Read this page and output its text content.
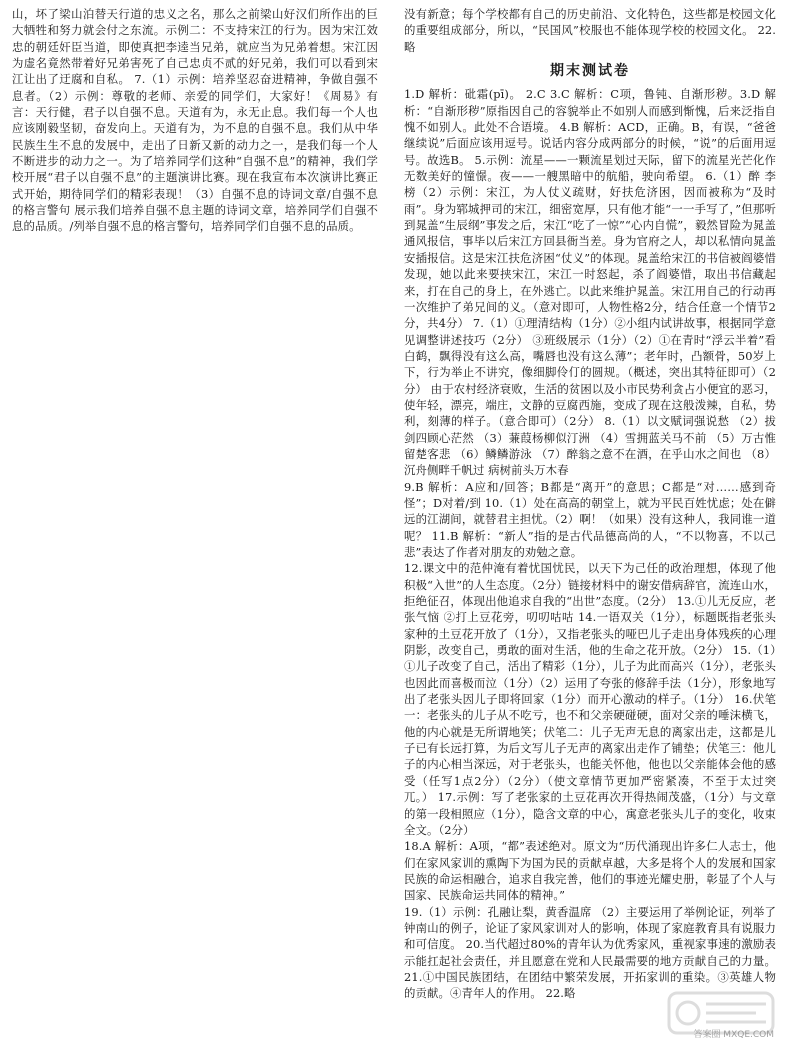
山，坏了梁山泊替天行道的忠义之名，那么之前梁山好汉们所作出的巨大牺牲和努力就会付之东流。示例二：不支持宋江的行为。因为宋江效忠的朝廷奸臣当道，即使真把李逵当兄弟，就应当为兄弟着想。宋江因为虚名竟然带着好兄弟害死了自己忠贞不贰的好兄弟，我们可以看到宋江让出了迂腐和自私。 7.（1）示例：培养坚忍奋进精神，争做自强不息者。（2）示例：尊敬的老师、亲爱的同学们，大家好！《周易》有言：天行健，君子以自强不息。天道有为，永无止息。我们每一个人也应该刚毅坚韧，奋发向上。天道有为，为不息的自强不息。我们从中华民族生生不息的发展中，走出了日新又新的动力之一，是我们每一个人不断进步的动力之一。为了培养同学们这种“自强不息”的精神，我们学校开展“君子以自强不息”的主题演讲比赛。现在我宣布本次演讲比赛正式开始，期待同学们的精彩表现！（3）自强不息的诗词文章/自强不息的格言警句 展示我们培养自强不息主题的诗词文章，培养同学们自强不息的品质。/列举自强不息的格言警句，培养同学们自强不息的品质。

没有新意；每个学校都有自己的历史前沿、文化特色，这些都是校园文化的重要组成部分，所以，“民国风”校服也不能体现学校的校园文化。 22.略

期末测试卷

1.D 解析：砒霜(pī)。 2.C 3.C 解析：C项，鲁钝、自渐形秽。3.D 解析：“自渐形秽”原指因自己的容貌举止不如别人而感到惭愧，后来泛指自愧不如别人。此处不合语境。 4.B 解析：ACD，正确。B，有误，“爸爸继续说”后面应该用逗号。说话内容分成两部分的时候，“说”的后面用逗号。故选B。 5.示例：流星——一颗流星划过天际，留下的流星光芒化作无数美好的憧憬。夜——一艘黑暗中的航船，驶向希望。 6.（1）醉 李 榜（2）示例：宋江，为人仗义疏财，好扶危济困，因而被称为“及时雨”。身为郓城押司的宋江，细密宽厚，只有他才能“一一手写了，”但那听到晁盖“生辰纲”事发之后，宋江“吃了一惊”“心内自慌”，毅然冒险为晁盖通风报信，事毕以后宋江方回县衙当差。身为官府之人，却以私情向晁盖安插报信。这是宋江扶危济困“仗义”的体现。晁盖给宋江的书信被阎婆惜发现，她以此来要挟宋江，宋江一时怒起，杀了阎婆惜，取出书信藏起来，打在自己的身上，在外逃亡。以此来维护晁盖。宋江用自己的行动再一次维护了弟兄间的义。（意对即可，人物性格2分，结合任意一个情节2分，共4分） 7.（1）①理清结构（1分）②小组内试讲故事，根据同学意见调整讲述技巧（2分） ③班级展示（1分）（2）①在青时“浮云半着”看白鹤，飘得没有这么高，嘴唇也没有这么薄”；老年时，凸额骨，50岁上下，行为举止不讲究，像细脚伶仃的圆规。（概述，突出其特征即可）（2分） 由于农村经济衰败，生活的贫困以及小市民势利贪占小便宜的恶习，使年轻，漂亮，端庄，文静的豆腐西施，变成了现在这般泼辣，自私，势利，刻薄的样子。（意合即可）（2分） 8.（1）以文赋词强说愁 （2）拔剑四顾心茫然 （3）蒹葭杨柳似汀洲 （4）雪拥蓝关马不前 （5）万古惟留楚客悲 （6）鳞鳞游泳 （7）醉翁之意不在酒，在乎山水之间也 （8）沉舟侧畔千帆过 病树前头万木春

9.B 解析：A应和/回答；B都是“离开”的意思；C都是“对……感到奇怪”；D对着/到 10.（1）处在高高的朝堂上，就为平民百姓忧虑；处在僻远的江湖间，就替君主担忧。（2）啊！（如果）没有这种人，我同谁一道呢？ 11.B 解析：“新人”指的是古代品德高尚的人，“不以物喜，不以己悲”表达了作者对朋友的劝勉之意。

12.课文中的范仲淹有着忧国忧民，以天下为己任的政治理想，体现了他积极“入世”的人生态度。（2分）链接材料中的谢安借病辞官，流连山水，拒绝征召，体现出他追求自我的“出世”态度。（2分） 13.①儿无反应，老张气恼 ②打上豆花旁，叨叨咕咕 14.一语双关（1分），标题既指老张头家种的土豆花开放了（1分），又指老张头的哑巴儿子走出身体残疾的心理阴影，改变自己，勇敢的面对生活，他的生命之花开放。（2分） 15.（1）①儿子改变了自己，活出了精彩（1分），儿子为此而高兴（1分），老张头也因此而喜极而泣（1分）（2）运用了夸张的修辞手法（1分），形象地写出了老张头因儿子即将回家（1分）而开心激动的样子。（1分） 16.伏笔一：老张头的儿子从不吃亏，也不和父亲硬碰硬，面对父亲的唾沫横飞，他的内心就是无所谓地笑；伏笔二：儿子无声无息的离家出走，这都是儿子已有长远打算，为后文写儿子无声的离家出走作了铺垫；伏笔三：他儿子的内心相当深远，对于老张头，也能关怀他，他也以父亲能体会他的感受（任写1点2分）（2分）（使文章情节更加严密紧凑，不至于太过突兀。） 17.示例：写了老张家的土豆花再次开得热闹茂盛，（1分）与文章的第一段相照应（1分），隐含文章的中心，寓意老张头儿子的变化，收束全文。（2分）

18.A 解析：A项，“都”表述绝对。原文为“历代涌现出许多仁人志士，他们在家风家训的熏陶下为国为民的贡献卓越，大多是将个人的发展和国家民族的命运相融合，追求自我完善，他们的事迹光耀史册，彰显了个人与国家、民族命运共同体的精神。”

19.（1）示例：孔融让梨，黄香温席 （2）主要运用了举例论证，列举了钟南山的例子，论证了家风家训对人的影响，体现了家庭教育具有说服力和可信度。 20.当代超过80%的青年认为优秀家风，重视家事速的激励表示能扛起社会责任，并且愿意在党和人民最需要的地方贡献自己的力量。 21.①中国民族团结，在团结中繁荣发展，开拓家训的重染。③英雄人物的贡献。④青年人的作用。 22.略

答案圈 MXQE.COM
